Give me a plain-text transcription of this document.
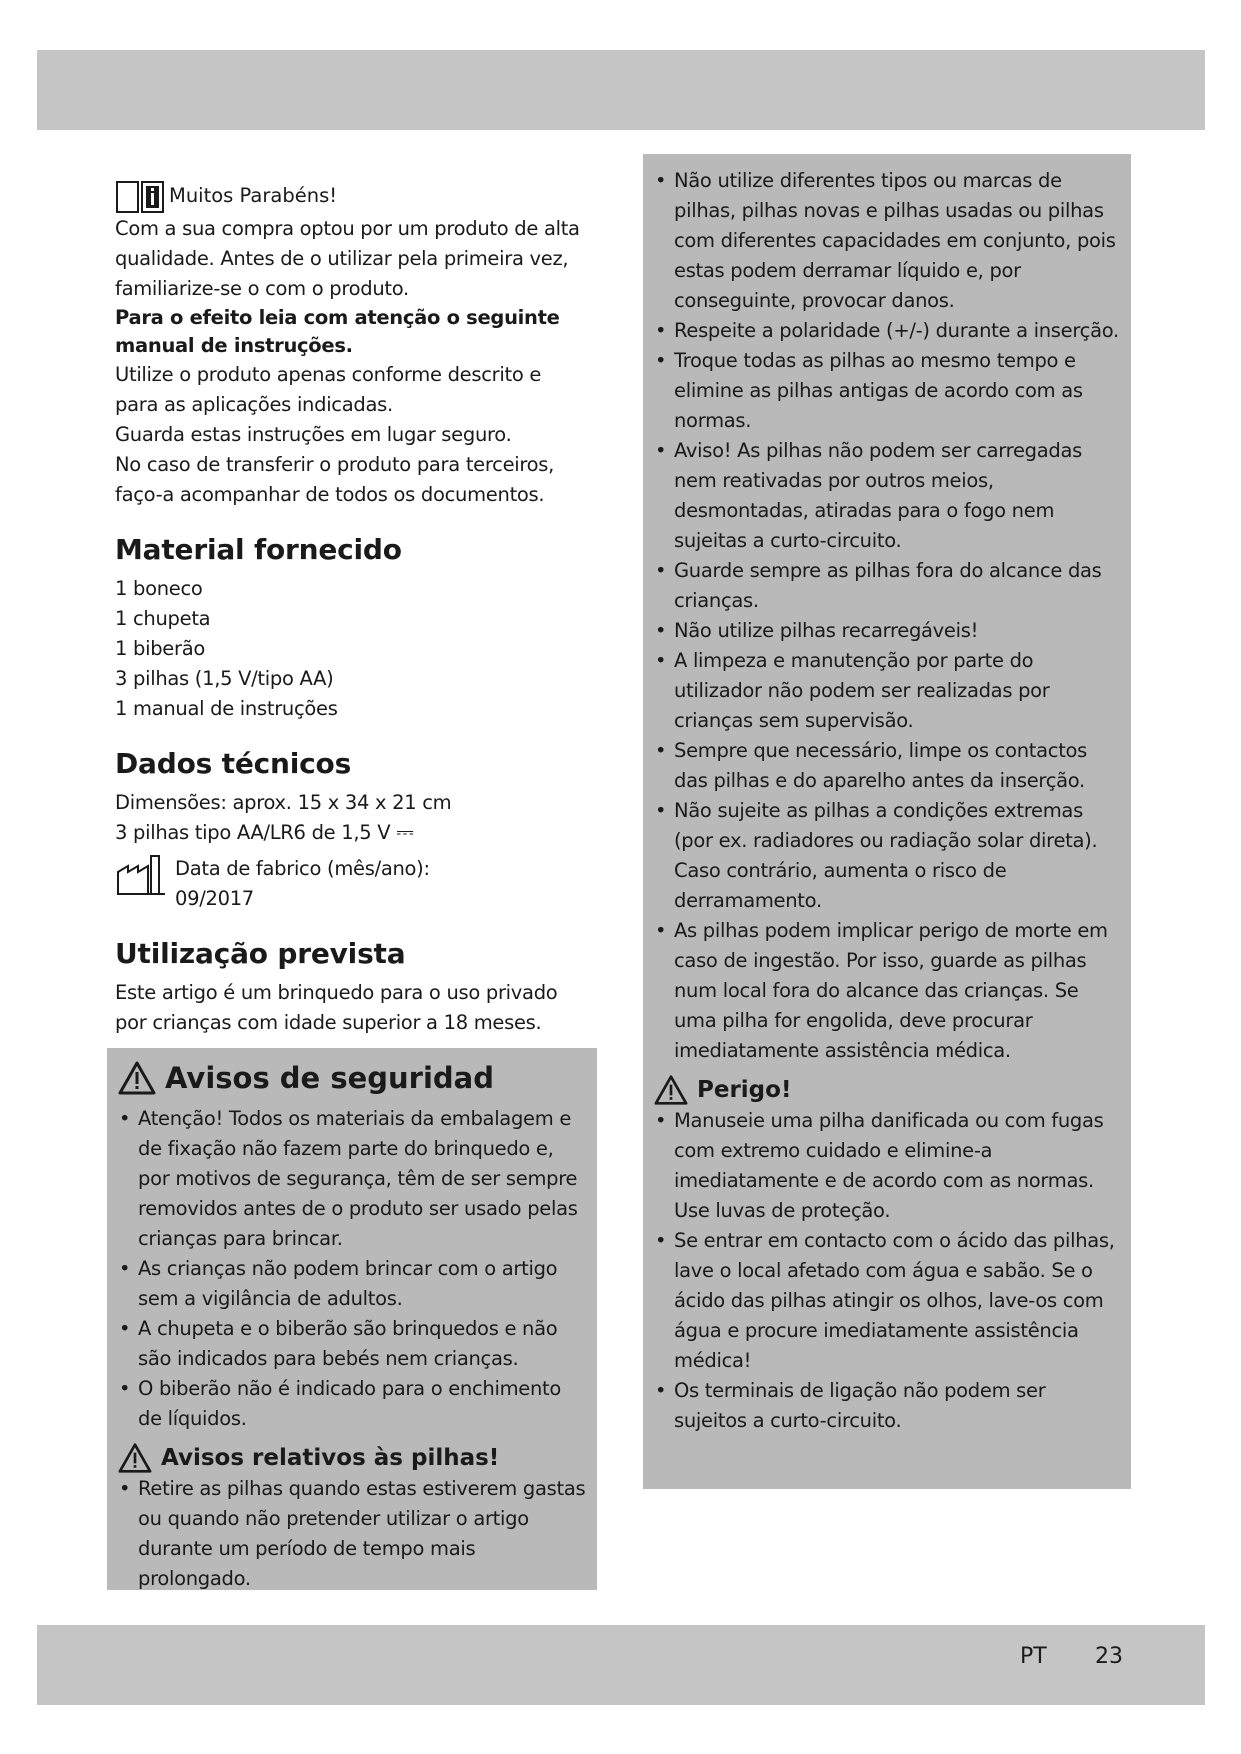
Muitos Parabéns!

Com a sua compra optou por um produto de alta qualidade. Antes de o utilizar pela primeira vez, familiarize-se o com o produto.

Para o efeito leia com atenção o seguinte manual de instruções.

Utilize o produto apenas conforme descrito e para as aplicações indicadas.

Guarda estas instruções em lugar seguro.

No caso de transferir o produto para terceiros, faço-a acompanhar de todos os documentos.

Material fornecido
1 boneco
1 chupeta
1 biberão
3 pilhas (1,5 V/tipo AA)
1 manual de instruções
Dados técnicos

Dimensões: aprox. 15 x 34 x 21 cm

3 pilhas tipo AA/LR6 de 1,5 V ⎓

Data de fabrico (mês/ano):
09/2017
Utilização prevista

Este artigo é um brinquedo para o uso privado por crianças com idade superior a 18 meses.

Avisos de seguridad
• Atenção! Todos os materiais da embalagem e de fixação não fazem parte do brinquedo e, por motivos de segurança, têm de ser sempre removidos antes de o produto ser usado pelas crianças para brincar.
• As crianças não podem brincar com o artigo sem a vigilância de adultos.
• A chupeta e o biberão são brinquedos e não são indicados para bebés nem crianças.
• O biberão não é indicado para o enchimento de líquidos.
Avisos relativos às pilhas!
• Retire as pilhas quando estas estiverem gastas ou quando não pretender utilizar o artigo durante um período de tempo mais prolongado.
• Não utilize diferentes tipos ou marcas de pilhas, pilhas novas e pilhas usadas ou pilhas com diferentes capacidades em conjunto, pois estas podem derramar líquido e, por conseguinte, provocar danos.
• Respeite a polaridade (+/-) durante a inserção.
• Troque todas as pilhas ao mesmo tempo e elimine as pilhas antigas de acordo com as normas.
• Aviso! As pilhas não podem ser carregadas nem reativadas por outros meios, desmontadas, atiradas para o fogo nem sujeitas a curto-circuito.
• Guarde sempre as pilhas fora do alcance das crianças.
• Não utilize pilhas recarregáveis!
• A limpeza e manutenção por parte do utilizador não podem ser realizadas por crianças sem supervisão.
• Sempre que necessário, limpe os contactos das pilhas e do aparelho antes da inserção.
• Não sujeite as pilhas a condições extremas (por ex. radiadores ou radiação solar direta). Caso contrário, aumenta o risco de derramamento.
• As pilhas podem implicar perigo de morte em caso de ingestão. Por isso, guarde as pilhas num local fora do alcance das crianças. Se uma pilha for engolida, deve procurar imediatamente assistência médica.
Perigo!
• Manuseie uma pilha danificada ou com fugas com extremo cuidado e elimine-a imediatamente e de acordo com as normas. Use luvas de proteção.
• Se entrar em contacto com o ácido das pilhas, lave o local afetado com água e sabão. Se o ácido das pilhas atingir os olhos, lave-os com água e procure imediatamente assistência médica!
• Os terminais de ligação não podem ser sujeitos a curto-circuito.
PT 23
